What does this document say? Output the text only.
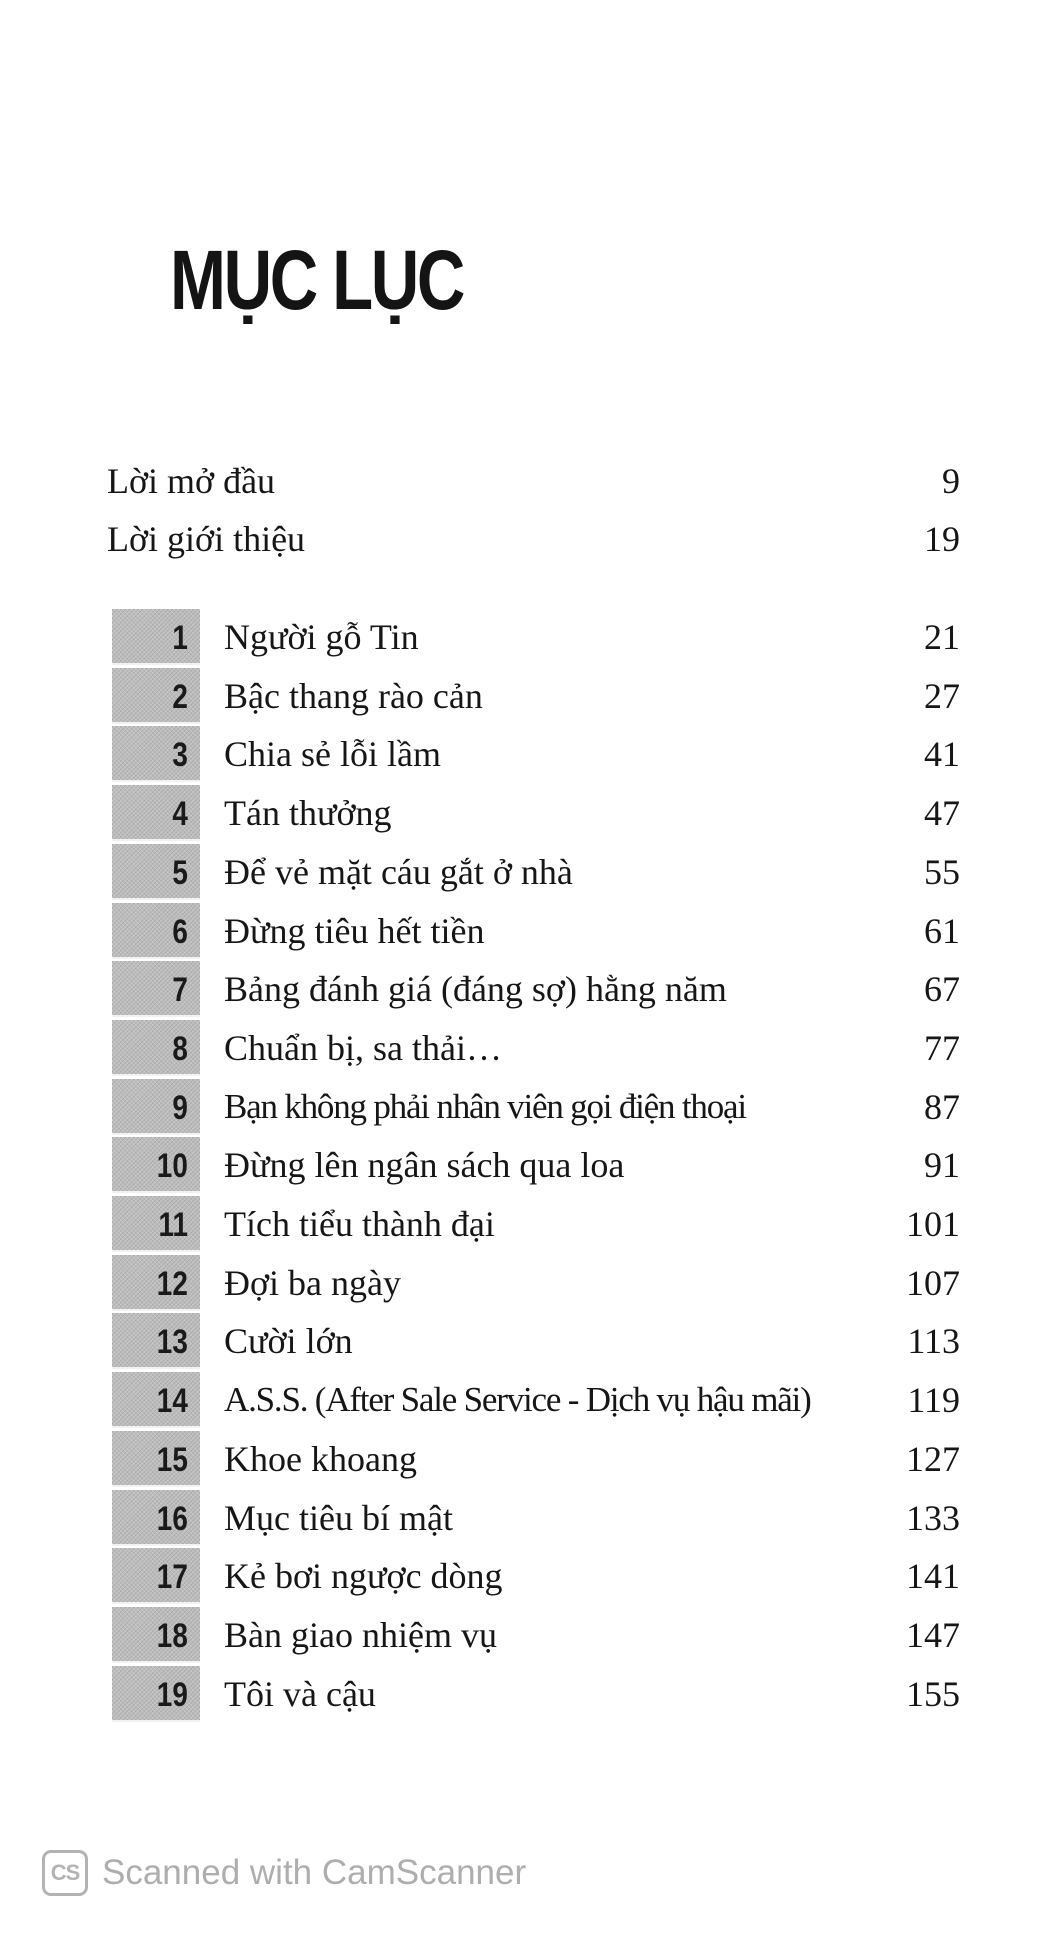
MỤC LỤC
Lời mở đầu	9
Lời giới thiệu	19
1 Người gỗ Tin	21
2 Bậc thang rào cản	27
3 Chia sẻ lỗi lầm	41
4 Tán thưởng	47
5 Để vẻ mặt cáu gắt ở nhà	55
6 Đừng tiêu hết tiền	61
7 Bảng đánh giá (đáng sợ) hằng năm	67
8 Chuẩn bị, sa thải…	77
9 Bạn không phải nhân viên gọi điện thoại	87
10 Đừng lên ngân sách qua loa	91
11 Tích tiểu thành đại	101
12 Đợi ba ngày	107
13 Cười lớn	113
14 A.S.S. (After Sale Service - Dịch vụ hậu mãi)	119
15 Khoe khoang	127
16 Mục tiêu bí mật	133
17 Kẻ bơi ngược dòng	141
18 Bàn giao nhiệm vụ	147
19 Tôi và cậu	155
CS Scanned with CamScanner
